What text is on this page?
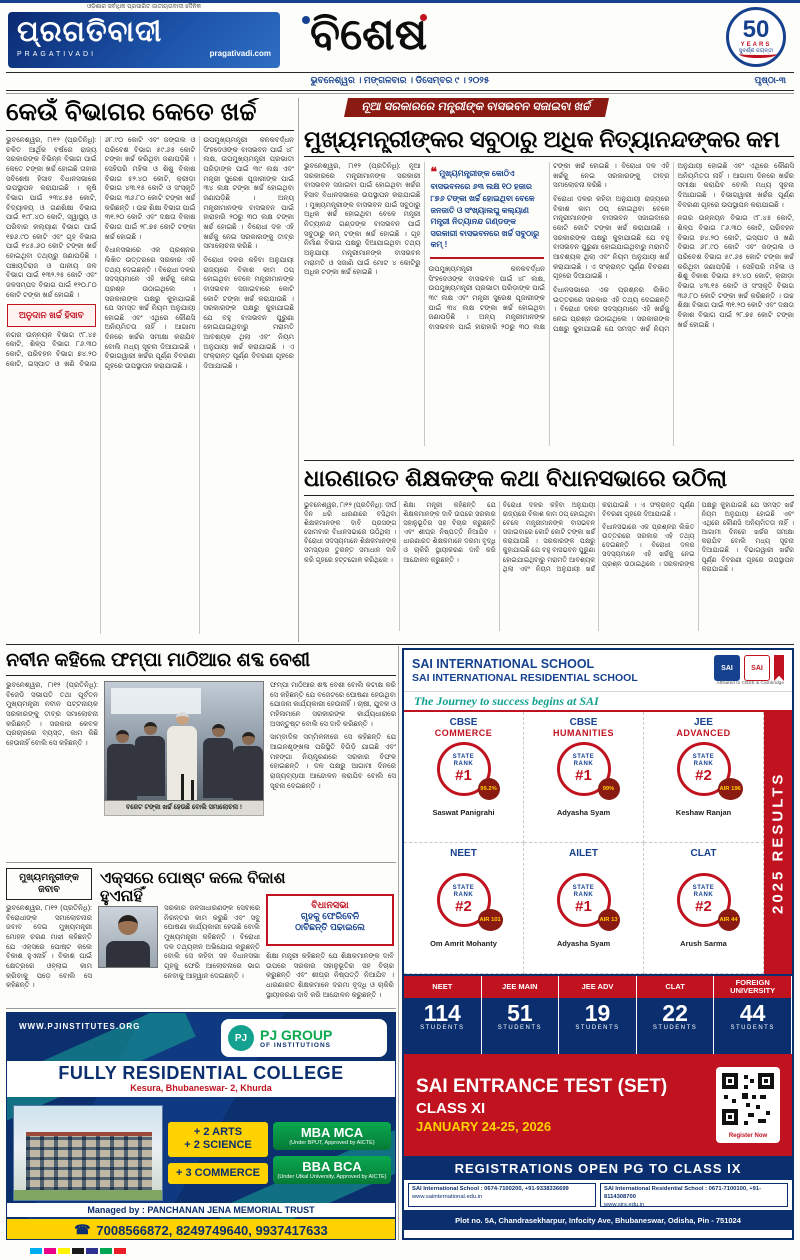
ଓଡ଼ିଶାର ସର୍ବାଧିକ ପ୍ରସାରିତ ଜାତୀୟତାବାଦୀ ଦୈନିକ
ପ୍ରଗତିବାଦୀ
PRAGATIVADI	pragativadi.com ବିଶେଷ	50
YEARS
ସୁବର୍ଣ୍ଣ ଜୟନ୍ତୀ
ଭୁବନେଶ୍ୱର । ମଙ୍ଗଳବାର । ଡିସେମ୍ବର ୯ । ୨୦୨୫	ପୃଷ୍ଠା-୩
କେଉଁ ବିଭାଗର କେତେ ଖର୍ଚ୍ଚ

ଭୁବନେଶ୍ୱର, ୮ା୧୨ (ପ୍ରତିନିଧି): ଚଳିତ ଆର୍ଥିକ ବର୍ଷରେ ରାଜ୍ୟ ସରକାରଙ୍କ ବିଭିନ୍ନ ବିଭାଗ ପାଇଁ କେତେ ଟଙ୍କା ଖର୍ଚ୍ଚ ହୋଇଛି ତାହାର ସବିଶେଷ ହିସାବ ବିଧାନସଭାରେ ଉପସ୍ଥାପନ କରାଯାଇଛି । କୃଷି ବିଭାଗ ପାଇଁ ୨୩୪.୭୫ କୋଟି, ବିଦ୍ୟାଳୟ ଓ ଗଣଶିକ୍ଷା ବିଭାଗ ପାଇଁ ୧୯୮.୪୦ କୋଟି, ସ୍ୱାସ୍ଥ୍ୟ ଓ ପରିବାର କଲ୍ୟାଣ ବିଭାଗ ପାଇଁ ୧୭୬.୯୦ କୋଟି ଏବଂ ଗୃହ ବିଭାଗ ପାଇଁ ୧୪୫.୬୦ କୋଟି ଟଙ୍କା ଖର୍ଚ୍ଚ ହୋଇଥିବା ତଥ୍ୟରୁ ଜଣାପଡ଼ିଛି । ପଞ୍ଚାୟତିରାଜ ଓ ପାନୀୟ ଜଳ ବିଭାଗ ପାଇଁ ୧୩୨.୨୫ କୋଟି ଏବଂ ଜଳସମ୍ପଦ ବିଭାଗ ପାଇଁ ୧୨୦.୮୦ କୋଟି ଟଙ୍କା ଖର୍ଚ୍ଚ ହୋଇଛି ।

ଅନୁଦାନ ଖର୍ଚ୍ଚ ହିସାବ

ନଗର ଉନ୍ନୟନ ବିଭାଗ ୯୮.୪୫ କୋଟି, ଶିଳ୍ପ ବିଭାଗ ୮୬.୩୦ କୋଟି, ପରିବହନ ବିଭାଗ ୭୪.୨୦ କୋଟି, ଇସ୍ପାତ ଓ ଖଣି ବିଭାଗ ୬୮.୯୦ କୋଟି ଏବଂ ଜଙ୍ଗଲ ଓ ପରିବେଶ ବିଭାଗ ୫୯.୬୫ କୋଟି ଟଙ୍କା ଖର୍ଚ୍ଚ କରିଥିବା ଜଣାପଡ଼ିଛି । ସେହିପରି ମହିଳା ଓ ଶିଶୁ ବିକାଶ ବିଭାଗ ୫୨.୪୦ କୋଟି, କ୍ରୀଡ଼ା ବିଭାଗ ୪୩.୧୫ କୋଟି ଓ ସଂସ୍କୃତି ବିଭାଗ ୩୬.୮୦ କୋଟି ଟଙ୍କା ଖର୍ଚ୍ଚ କରିଛନ୍ତି । ଉଚ୍ଚ ଶିକ୍ଷା ବିଭାଗ ପାଇଁ ୩୧.୨୦ କୋଟି ଏବଂ ଦକ୍ଷତା ବିକାଶ ବିଭାଗ ପାଇଁ ୨୮.୭୫ କୋଟି ଟଙ୍କା ଖର୍ଚ୍ଚ ହୋଇଛି ।

ବିଧାନସଭାରେ ଏକ ପ୍ରଶ୍ନର ଲିଖିତ ଉତ୍ତରରେ ସରକାର ଏହି ତଥ୍ୟ ଦେଇଛନ୍ତି । ବିରୋଧୀ ଦଳର ସଦସ୍ୟମାନେ ଏହି ଖର୍ଚ୍ଚକୁ ନେଇ ପ୍ରଶ୍ନ ଉଠାଇଥିଲେ । ସରକାରଙ୍କ ପକ୍ଷରୁ କୁହାଯାଇଛି ଯେ ସମସ୍ତ ଖର୍ଚ୍ଚ ନିୟମ ଅନୁଯାୟୀ ହୋଇଛି ଏବଂ ଏଥିରେ କୌଣସି ଅନିୟମିତତା ନାହିଁ । ଆଗାମୀ ଦିନରେ ଖର୍ଚ୍ଚର ସମୀକ୍ଷା କରାଯିବ ବୋଲି ମଧ୍ୟ ସୂଚନା ଦିଆଯାଇଛି । ବିଭାଗୱାରୀ ଖର୍ଚ୍ଚର ପୂର୍ଣ୍ଣ ବିବରଣୀ ଗୃହରେ ଉପସ୍ଥାପନ କରାଯାଇଛି ।

ଉପମୁଖ୍ୟମନ୍ତ୍ରୀ କନକବର୍ଦ୍ଧନ ସିଂହଦେଓଙ୍କ ବାସଭବନ ପାଇଁ ୪୮ ଲକ୍ଷ, ଉପମୁଖ୍ୟମନ୍ତ୍ରୀ ପ୍ରଭାତୀ ପରିଡ଼ାଙ୍କ ପାଇଁ ୩୯ ଲକ୍ଷ ଏବଂ ମନ୍ତ୍ରୀ ସୁରେଶ ପୂଜାରୀଙ୍କ ପାଇଁ ୩୪ ଲକ୍ଷ ଟଙ୍କା ଖର୍ଚ୍ଚ ହୋଇଥିବା ଜଣାପଡ଼ିଛି । ଅନ୍ୟ ମନ୍ତ୍ରୀମାନଙ୍କ ବାସଭବନ ପାଇଁ ହାରାହାରି ୨୦ରୁ ୩୦ ଲକ୍ଷ ଟଙ୍କା ଖର୍ଚ୍ଚ ହୋଇଛି । ବିରୋଧୀ ଦଳ ଏହି ଖର୍ଚ୍ଚକୁ ନେଇ ସରକାରଙ୍କୁ ତୀବ୍ର ସମାଲୋଚନା କରିଛି ।

ବିରୋଧୀ ଦଳର କହିବା ଅନୁଯାୟୀ ରାଜ୍ୟରେ ବିକାଶ କାମ ଠପ୍ ହୋଇଥିବା ବେଳେ ମନ୍ତ୍ରୀମାନଙ୍କ ବାସଭବନ ସଜାଇବାରେ କୋଟି କୋଟି ଟଙ୍କା ଖର୍ଚ୍ଚ କରାଯାଉଛି । ସରକାରଙ୍କ ପକ୍ଷରୁ କୁହାଯାଇଛି ଯେ ବହୁ ବାସଭବନ ପୁରୁଣା ହୋଇଯାଇଥିବାରୁ ମରାମତି ଆବଶ୍ୟକ ଥିଲା ଏବଂ ନିୟମ ଅନୁଯାୟୀ ଖର୍ଚ୍ଚ କରାଯାଇଛି । ଏ ସଂକ୍ରାନ୍ତ ପୂର୍ଣ୍ଣ ବିବରଣୀ ଗୃହରେ ଦିଆଯାଇଛି ।

ନୂଆ ସରକାରରେ ମନ୍ତ୍ରୀଙ୍କ ବାସଭବନ ସଜାଇବା ଖର୍ଚ୍ଚ
ମୁଖ୍ୟମନ୍ତ୍ରୀଙ୍କର ସବୁଠାରୁ ଅଧିକ ନିତ୍ୟାନନ୍ଦଙ୍କର କମ

ଭୁବନେଶ୍ୱର, ୮ା୧୨ (ପ୍ରତିନିଧି): ନୂଆ ସରକାରରେ ମନ୍ତ୍ରୀମାନଙ୍କ ସରକାରୀ ବାସଭବନ ସଜାଇବା ପାଇଁ ହୋଇଥିବା ଖର୍ଚ୍ଚର ହିସାବ ବିଧାନସଭାରେ ଉପସ୍ଥାପନ କରାଯାଇଛି । ମୁଖ୍ୟମନ୍ତ୍ରୀଙ୍କ ବାସଭବନ ପାଇଁ ସବୁଠାରୁ ଅଧିକ ଖର୍ଚ୍ଚ ହୋଇଥିବା ବେଳେ ମନ୍ତ୍ରୀ ନିତ୍ୟାନନ୍ଦ ଗଣ୍ଡଙ୍କ ବାସଭବନ ପାଇଁ ସବୁଠାରୁ କମ୍ ଟଙ୍କା ଖର୍ଚ୍ଚ ହୋଇଛି । ଗୃହ ନିର୍ମାଣ ବିଭାଗ ପକ୍ଷରୁ ଦିଆଯାଇଥିବା ତଥ୍ୟ ଅନୁଯାୟୀ ମନ୍ତ୍ରୀମାନଙ୍କ ବାସଭବନ ମରାମତି ଓ ସଜାଣି ପାଇଁ ମୋଟ ୪ କୋଟିରୁ ଅଧିକ ଟଙ୍କା ଖର୍ଚ୍ଚ ହୋଇଛି ।

❝ ମୁଖ୍ୟମନ୍ତ୍ରୀଙ୍କ କୋଠିଏ ବାସଭବନରେ ୬୩ ଲକ୍ଷ ୧୦ ହଜାର ୮୭୬ ଟଙ୍କା ଖର୍ଚ୍ଚ ହୋଇଥିବା ବେଳେ ଜନଜାତି ଓ ସଂଖ୍ୟାଲଘୁ କଲ୍ୟାଣ ମନ୍ତ୍ରୀ ନିତ୍ୟାନନ୍ଦ ଗଣ୍ଡଙ୍କ ସରକାରୀ ବାସଭବନରେ ଖର୍ଚ୍ଚ ସବୁଠାରୁ କମ୍ !

ଉପମୁଖ୍ୟମନ୍ତ୍ରୀ କନକବର୍ଦ୍ଧନ ସିଂହଦେଓଙ୍କ ବାସଭବନ ପାଇଁ ୪୮ ଲକ୍ଷ, ଉପମୁଖ୍ୟମନ୍ତ୍ରୀ ପ୍ରଭାତୀ ପରିଡ଼ାଙ୍କ ପାଇଁ ୩୯ ଲକ୍ଷ ଏବଂ ମନ୍ତ୍ରୀ ସୁରେଶ ପୂଜାରୀଙ୍କ ପାଇଁ ୩୪ ଲକ୍ଷ ଟଙ୍କା ଖର୍ଚ୍ଚ ହୋଇଥିବା ଜଣାପଡ଼ିଛି । ଅନ୍ୟ ମନ୍ତ୍ରୀମାନଙ୍କ ବାସଭବନ ପାଇଁ ହାରାହାରି ୨୦ରୁ ୩୦ ଲକ୍ଷ ଟଙ୍କା ଖର୍ଚ୍ଚ ହୋଇଛି । ବିରୋଧୀ ଦଳ ଏହି ଖର୍ଚ୍ଚକୁ ନେଇ ସରକାରଙ୍କୁ ତୀବ୍ର ସମାଲୋଚନା କରିଛି ।

ବିରୋଧୀ ଦଳର କହିବା ଅନୁଯାୟୀ ରାଜ୍ୟରେ ବିକାଶ କାମ ଠପ୍ ହୋଇଥିବା ବେଳେ ମନ୍ତ୍ରୀମାନଙ୍କ ବାସଭବନ ସଜାଇବାରେ କୋଟି କୋଟି ଟଙ୍କା ଖର୍ଚ୍ଚ କରାଯାଉଛି । ସରକାରଙ୍କ ପକ୍ଷରୁ କୁହାଯାଇଛି ଯେ ବହୁ ବାସଭବନ ପୁରୁଣା ହୋଇଯାଇଥିବାରୁ ମରାମତି ଆବଶ୍ୟକ ଥିଲା ଏବଂ ନିୟମ ଅନୁଯାୟୀ ଖର୍ଚ୍ଚ କରାଯାଇଛି । ଏ ସଂକ୍ରାନ୍ତ ପୂର୍ଣ୍ଣ ବିବରଣୀ ଗୃହରେ ଦିଆଯାଇଛି ।

ବିଧାନସଭାରେ ଏକ ପ୍ରଶ୍ନର ଲିଖିତ ଉତ୍ତରରେ ସରକାର ଏହି ତଥ୍ୟ ଦେଇଛନ୍ତି । ବିରୋଧୀ ଦଳର ସଦସ୍ୟମାନେ ଏହି ଖର୍ଚ୍ଚକୁ ନେଇ ପ୍ରଶ୍ନ ଉଠାଇଥିଲେ । ସରକାରଙ୍କ ପକ୍ଷରୁ କୁହାଯାଇଛି ଯେ ସମସ୍ତ ଖର୍ଚ୍ଚ ନିୟମ ଅନୁଯାୟୀ ହୋଇଛି ଏବଂ ଏଥିରେ କୌଣସି ଅନିୟମିତତା ନାହିଁ । ଆଗାମୀ ଦିନରେ ଖର୍ଚ୍ଚର ସମୀକ୍ଷା କରାଯିବ ବୋଲି ମଧ୍ୟ ସୂଚନା ଦିଆଯାଇଛି । ବିଭାଗୱାରୀ ଖର୍ଚ୍ଚର ପୂର୍ଣ୍ଣ ବିବରଣୀ ଗୃହରେ ଉପସ୍ଥାପନ କରାଯାଇଛି ।

ନଗର ଉନ୍ନୟନ ବିଭାଗ ୯୮.୪୫ କୋଟି, ଶିଳ୍ପ ବିଭାଗ ୮୬.୩୦ କୋଟି, ପରିବହନ ବିଭାଗ ୭୪.୨୦ କୋଟି, ଇସ୍ପାତ ଓ ଖଣି ବିଭାଗ ୬୮.୯୦ କୋଟି ଏବଂ ଜଙ୍ଗଲ ଓ ପରିବେଶ ବିଭାଗ ୫୯.୬୫ କୋଟି ଟଙ୍କା ଖର୍ଚ୍ଚ କରିଥିବା ଜଣାପଡ଼ିଛି । ସେହିପରି ମହିଳା ଓ ଶିଶୁ ବିକାଶ ବିଭାଗ ୫୨.୪୦ କୋଟି, କ୍ରୀଡ଼ା ବିଭାଗ ୪୩.୧୫ କୋଟି ଓ ସଂସ୍କୃତି ବିଭାଗ ୩୬.୮୦ କୋଟି ଟଙ୍କା ଖର୍ଚ୍ଚ କରିଛନ୍ତି । ଉଚ୍ଚ ଶିକ୍ଷା ବିଭାଗ ପାଇଁ ୩୧.୨୦ କୋଟି ଏବଂ ଦକ୍ଷତା ବିକାଶ ବିଭାଗ ପାଇଁ ୨୮.୭୫ କୋଟି ଟଙ୍କା ଖର୍ଚ୍ଚ ହୋଇଛି ।

ଧାରଣାରତ ଶିକ୍ଷକଙ୍କ କଥା ବିଧାନସଭାରେ ଉଠିଲା

ଭୁବନେଶ୍ୱର, ୮ା୧୨ (ପ୍ରତିନିଧି): ଦୀର୍ଘ ଦିନ ଧରି ଧାରଣାରେ ବସିଥିବା ଶିକ୍ଷକମାନଙ୍କ ଦାବି ପ୍ରସଙ୍ଗ ସୋମବାର ବିଧାନସଭାରେ ଉଠିଥିଲା । ବିରୋଧୀ ସଦସ୍ୟମାନେ ଶିକ୍ଷକମାନଙ୍କ ସମସ୍ୟାର ତୁରନ୍ତ ସମାଧାନ ଦାବି କରି ଗୃହରେ ହଟ୍ଟଗୋଳ କରିଥିଲେ ।

ଶିକ୍ଷା ମନ୍ତ୍ରୀ କହିଛନ୍ତି ଯେ ଶିକ୍ଷକମାନଙ୍କ ଦାବି ଉପରେ ସରକାର ସହାନୁଭୂତିର ସହ ବିଚାର କରୁଛନ୍ତି ଏବଂ ଶୀଘ୍ର ନିଷ୍ପତ୍ତି ନିଆଯିବ । ଧାରଣାରତ ଶିକ୍ଷକମାନେ ଦରମା ବୃଦ୍ଧି ଓ ଚାକିରି ସ୍ଥାୟୀକରଣ ଦାବି କରି ଆନ୍ଦୋଳନ କରୁଛନ୍ତି ।

ବିରୋଧୀ ଦଳର କହିବା ଅନୁଯାୟୀ ରାଜ୍ୟରେ ବିକାଶ କାମ ଠପ୍ ହୋଇଥିବା ବେଳେ ମନ୍ତ୍ରୀମାନଙ୍କ ବାସଭବନ ସଜାଇବାରେ କୋଟି କୋଟି ଟଙ୍କା ଖର୍ଚ୍ଚ କରାଯାଉଛି । ସରକାରଙ୍କ ପକ୍ଷରୁ କୁହାଯାଇଛି ଯେ ବହୁ ବାସଭବନ ପୁରୁଣା ହୋଇଯାଇଥିବାରୁ ମରାମତି ଆବଶ୍ୟକ ଥିଲା ଏବଂ ନିୟମ ଅନୁଯାୟୀ ଖର୍ଚ୍ଚ କରାଯାଇଛି । ଏ ସଂକ୍ରାନ୍ତ ପୂର୍ଣ୍ଣ ବିବରଣୀ ଗୃହରେ ଦିଆଯାଇଛି ।

ବିଧାନସଭାରେ ଏକ ପ୍ରଶ୍ନର ଲିଖିତ ଉତ୍ତରରେ ସରକାର ଏହି ତଥ୍ୟ ଦେଇଛନ୍ତି । ବିରୋଧୀ ଦଳର ସଦସ୍ୟମାନେ ଏହି ଖର୍ଚ୍ଚକୁ ନେଇ ପ୍ରଶ୍ନ ଉଠାଇଥିଲେ । ସରକାରଙ୍କ ପକ୍ଷରୁ କୁହାଯାଇଛି ଯେ ସମସ୍ତ ଖର୍ଚ୍ଚ ନିୟମ ଅନୁଯାୟୀ ହୋଇଛି ଏବଂ ଏଥିରେ କୌଣସି ଅନିୟମିତତା ନାହିଁ । ଆଗାମୀ ଦିନରେ ଖର୍ଚ୍ଚର ସମୀକ୍ଷା କରାଯିବ ବୋଲି ମଧ୍ୟ ସୂଚନା ଦିଆଯାଇଛି । ବିଭାଗୱାରୀ ଖର୍ଚ୍ଚର ପୂର୍ଣ୍ଣ ବିବରଣୀ ଗୃହରେ ଉପସ୍ଥାପନ କରାଯାଇଛି ।

ନବୀନ କହିଲେ ଫମ୍ପା ମାଠିଆର ଶବ୍ଦ ବେଶୀ

ଭୁବନେଶ୍ୱର, ୮ା୧୨ (ପ୍ରତିନିଧି): ବିଜେଡି ସଭାପତି ତଥା ପୂର୍ବତନ ମୁଖ୍ୟମନ୍ତ୍ରୀ ନବୀନ ପଟ୍ଟନାୟକ ସରକାରଙ୍କୁ ତୀବ୍ର ସମାଲୋଚନା କରିଛନ୍ତି । ସରକାର କେବଳ ପ୍ରଚାରରେ ବ୍ୟସ୍ତ, କାମ କିଛି ହେଉନାହିଁ ବୋଲି ସେ କହିଛନ୍ତି ।

ବଜେଟ ଟଙ୍କା ଖର୍ଚ୍ଚ ହେଉଛି ବୋଲି ସମାଲୋଚନା !

ଫମ୍ପା ମାଠିଆର ଶବ୍ଦ ବେଶୀ ବୋଲି କଟାକ୍ଷ କରି ସେ କହିଛନ୍ତି ଯେ ବଜେଟରେ ଘୋଷଣା ହେଉଥିବା ଯୋଜନା କାର୍ଯ୍ୟକାରୀ ହେଉନାହିଁ । ଚାଷୀ, ଯୁବକ ଓ ମହିଳାମାନେ ସରକାରଙ୍କ କାର୍ଯ୍ୟଧାରାରେ ଅସନ୍ତୁଷ୍ଟ ବୋଲି ସେ ଦାବି କରିଛନ୍ତି ।

ସାମ୍ବାଦିକ ସମ୍ମିଳନୀରେ ସେ କହିଛନ୍ତି ଯେ ଆଇନଶୃଙ୍ଖଳା ପରିସ୍ଥିତି ବିଗିଡ଼ି ଯାଇଛି ଏବଂ ମହଙ୍ଗା ନିୟନ୍ତ୍ରଣରେ ସରକାର ବିଫଳ ହୋଇଛନ୍ତି । ଦଳ ପକ୍ଷରୁ ଆଗାମୀ ଦିନରେ ରାଜ୍ୟବ୍ୟାପୀ ଆନ୍ଦୋଳନ କରାଯିବ ବୋଲି ସେ ସୂଚନା ଦେଇଛନ୍ତି ।

ମୁଖ୍ୟମନ୍ତ୍ରୀଙ୍କ ଜବାବ
ଏକ୍ସରେ ପୋଷ୍ଟ କଲେ ବିକାଶ ହୁଏନାହିଁ
ବିଧାନସଭା
ଗୃହକୁ ଫେରିବେନି
ଠାବିଛନ୍ତି ପଢାଇଲେ

ଭୁବନେଶ୍ୱର, ୮ା୧୨ (ପ୍ରତିନିଧି): ବିରୋଧୀଙ୍କ ସମାଲୋଚନାର ଜବାବ ଦେଇ ମୁଖ୍ୟମନ୍ତ୍ରୀ ମୋହନ ଚରଣ ମାଝୀ କହିଛନ୍ତି ଯେ ଏକ୍ସରେ ପୋଷ୍ଟ କଲେ ବିକାଶ ହୁଏନାହିଁ । ବିକାଶ ପାଇଁ କ୍ଷେତ୍ରରେ ଓହ୍ଲାଇ କାମ କରିବାକୁ ପଡ଼େ ବୋଲି ସେ କହିଛନ୍ତି ।

ସରକାର ଜନସାଧାରଣଙ୍କ ସେବାରେ ନିରନ୍ତର କାମ କରୁଛି ଏବଂ ସବୁ ଘୋଷଣା କାର୍ଯ୍ୟକାରୀ ହେଉଛି ବୋଲି ମୁଖ୍ୟମନ୍ତ୍ରୀ କହିଛନ୍ତି । ବିରୋଧୀ ଦଳ ତଥ୍ୟହୀନ ଅଭିଯୋଗ କରୁଛନ୍ତି ବୋଲି ସେ କହିବା ସହ ବିଧାନସଭା ଗୃହକୁ ଫେରି ଆଲୋଚନାରେ ଭାଗ ନେବାକୁ ଆହ୍ୱାନ ଦେଇଛନ୍ତି ।

ଶିକ୍ଷା ମନ୍ତ୍ରୀ କହିଛନ୍ତି ଯେ ଶିକ୍ଷକମାନଙ୍କ ଦାବି ଉପରେ ସରକାର ସହାନୁଭୂତିର ସହ ବିଚାର କରୁଛନ୍ତି ଏବଂ ଶୀଘ୍ର ନିଷ୍ପତ୍ତି ନିଆଯିବ । ଧାରଣାରତ ଶିକ୍ଷକମାନେ ଦରମା ବୃଦ୍ଧି ଓ ଚାକିରି ସ୍ଥାୟୀକରଣ ଦାବି କରି ଆନ୍ଦୋଳନ କରୁଛନ୍ତି ।

WWW.PJINSTITUTES.ORG
PJ PJ GROUP
OF INSTITUTIONS
FULLY RESIDENTIAL COLLEGE
Kesura, Bhubaneswar- 2, Khurda
+ 2 ARTS
+ 2 SCIENCE
+ 3 COMMERCE
MBA MCA
(Under BPUT, Approved by AICTE)
BBA BCA
(Under Utkal University, Approved by AICTE)
Managed by : PANCHANAN JENA MEMORIAL TRUST
☎ 7008566872, 8249749640, 9937417633
SAI INTERNATIONAL SCHOOL
SAI INTERNATIONAL RESIDENTIAL SCHOOL
SAI	SAI
Affiliated to CBSE & Cambridge
The Journey to success begins at SAI
CBSE
COMMERCE
STATE
RANK
#1
99.2%
Saswat Panigrahi
CBSE
HUMANITIES
STATE
RANK
#1
99%
Adyasha Syam
JEE
ADVANCED
STATE
RANK
#2
AIR 196
Keshaw Ranjan
NEET
STATE
RANK
#2
AIR 101
Om Amrit Mohanty
AILET
STATE
RANK
#1
AIR 13
Adyasha Syam
CLAT
STATE
RANK
#2
AIR 44
Arush Sarma
2025 RESULTS
NEET
114
STUDENTS
JEE MAIN
51
STUDENTS
JEE ADV
19
STUDENTS
CLAT
22
STUDENTS
FOREIGN UNIVERSITY
44
STUDENTS
SAI ENTRANCE TEST (SET)
CLASS XI
JANUARY 24-25, 2026
Register Now
REGISTRATIONS OPEN PG TO CLASS IX
SAI International School : 0674-7100200, +91-9338336699
www.saiinternational.edu.in
SAI International Residential School : 0671-7100100, +91-8114308700
www.sirs.edu.in
Plot no. 5A, Chandrasekharpur, Infocity Ave, Bhubaneswar, Odisha, Pin - 751024
